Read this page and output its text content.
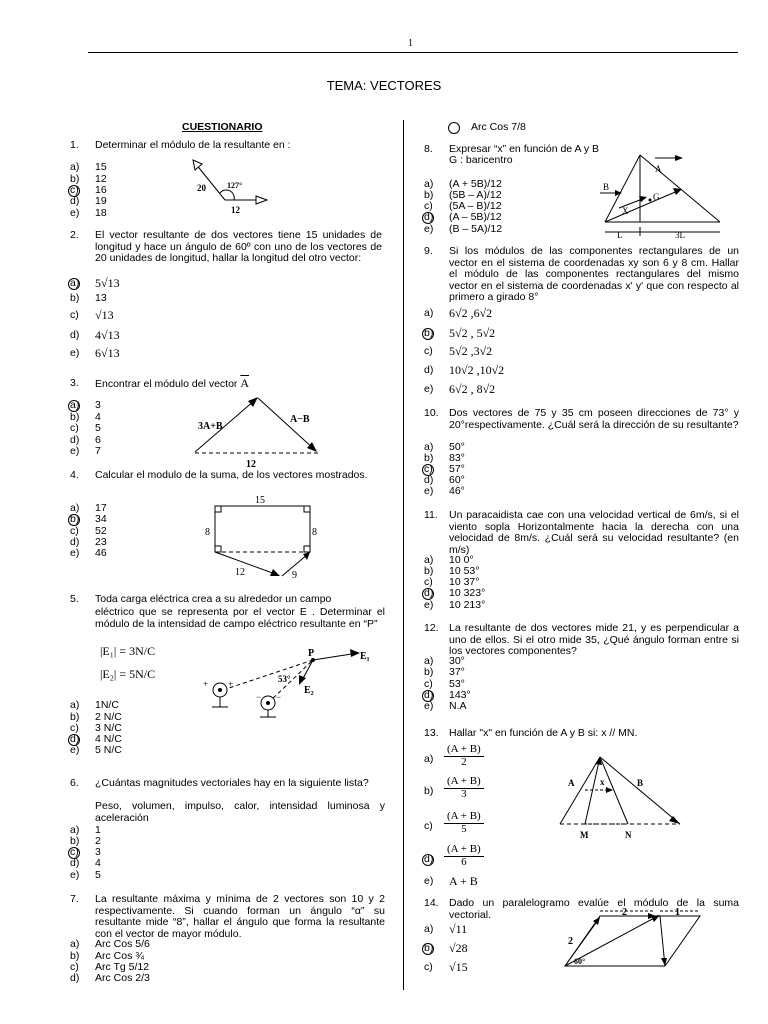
1
TEMA: VECTORES
CUESTIONARIO
1. Determinar el módulo de la resultante en :
a) 15
b) 12
c) 16
d) 19
e) 18
20	127°
12
2. El vector resultante de dos vectores tiene 15 unidades de longitud y hace un ángulo de 60º con uno de los vectores de 20 unidades de longitud, hallar la longitud del otro vector:
a) 5√13
b) 13
c) √13
d) 4√13
e) 6√13
3. Encontrar el módulo del vector $\overline{A}$
a) 3
b) 4
c) 5
d) 6
e) 7
3A+B
A−B
12
4. Calcular el modulo de la suma, de los vectores mostrados.
a) 17
b) 34
c) 52
d) 23
e) 46
15
8	8
12	9
5. Toda carga eléctrica crea a su alrededor un campo
eléctrico que se representa por el vector E . Determinar el módulo de la intensidad de campo eléctrico resultante en “P”
|E₁| = 3N/C
|E₂| = 5N/C
a) 1N/C
b) 2 N/C
c) 3 N/C
d) 4 N/C
e) 5 N/C
+ +
− −
P	E₁
E₂
53°
6. ¿Cuántas magnitudes vectoriales hay en la siguiente lista?
Peso, volumen, impulso, calor, intensidad luminosa y aceleración
a) 1
b) 2
c) 3
d) 4
e) 5
7. La resultante máxima y mínima de 2 vectores son 10 y 2 respectivamente. Si cuando forman un ángulo “α” su resultante mide “8”, hallar el ángulo que forma la resultante con el vector de mayor módulo.
a) Arc Cos 5/6
b) Arc Cos ¾
c) Arc Tg 5/12
d) Arc Cos 2/3
Arc Cos 7/8
8. Expresar “x” en función de A y B
G : baricentro
a) (A + 5B)/12
b) (5B – A)/12
c) (5A – B)/12
d) (A – 5B)/12
e) (B – 5A)/12
A
B
X
G
L	3L
9. Si los módulos de las componentes rectangulares de un vector en el sistema de coordenadas xy son 6 y 8 cm. Hallar el módulo de las componentes rectangulares del mismo vector en el sistema de coordenadas x' y' que con respecto al primero a girado 8°
a) 6√2 ,6√2
b) 5√2 , 5√2
c) 5√2 ,3√2
d) 10√2 ,10√2
e) 6√2 , 8√2
10. Dos vectores de 75 y 35 cm poseen direcciones de 73° y 20°respectivamente. ¿Cuál será la dirección de su resultante?
a) 50°
b) 83°
c) 57°
d) 60°
e) 46°
11. Un paracaidista cae con una velocidad vertical de 6m/s, si el viento sopla Horizontalmente hacia la derecha con una velocidad de 8m/s. ¿Cuál será su velocidad resultante? (en m/s)
a) 10 0°
b) 10 53°
c) 10 37°
d) 10 323°
e) 10 213°
12. La resultante de dos vectores mide 21, y es perpendicular a uno de ellos. Si el otro mide 35, ¿Qué ángulo forman entre si los vectores componentes?
a) 30°
b) 37°
c) 53°
d) 143°
e) N.A
13. Hallar "x" en función de A y B si: x // MN.
$a) \frac{(A + B)}{2}$
$b) \frac{(A + B)}{3}$
$c) \frac{(A + B)}{5}$
$d) \frac{(A + B)}{6}$
e) A + B
A	B
x
M	N
14. Dado un paralelogramo evalúe el módulo de la suma vectorial.
a) √11
b) √28
c) √15
2	1
2
60°
